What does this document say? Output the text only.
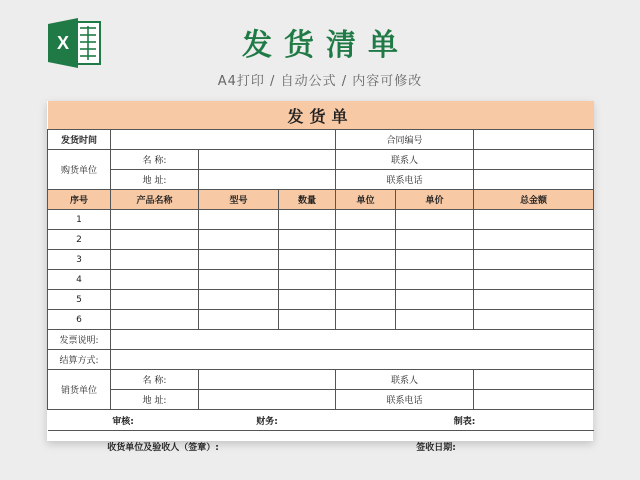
X	发货清单
A4打印 / 自动公式 / 内容可修改
发货单						
发货时间				合同编号		
购货单位	名 称:			联系人		
	地 址:			联系电话		
序号	产品名称	型号	数量	单位	单价	总金额
1						
2						
3						
4						
5						
6						
发票说明:						
结算方式:						
销货单位	名 称:			联系人		
	地 址:			联系电话		
审核:		财务:		制表:		
收货单位及验收人（签章）:			签收日期:			
